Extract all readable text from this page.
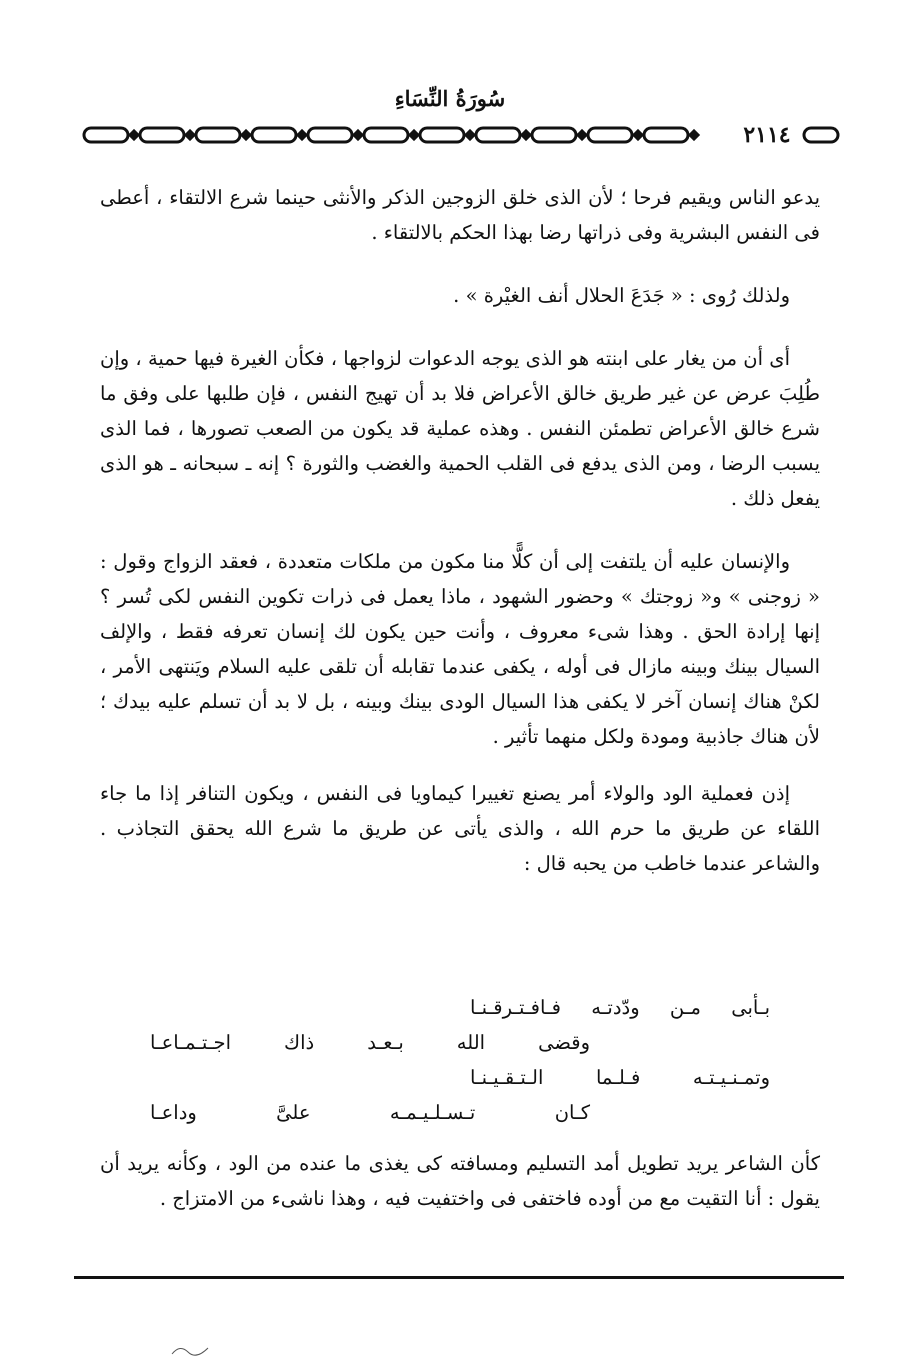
سُورَةُ النِّسَاءِ
٢١١٤

يدعو الناس ويقيم فرحا ؛ لأن الذى خلق الزوجين الذكر والأنثى حينما شرع الالتقاء ، أعطى فى النفس البشرية وفى ذراتها رضا بهذا الحكم بالالتقاء .

ولذلك رُوى : « جَدَعَ الحلال أنف الغيْرة » .

أى أن من يغار على ابنته هو الذى يوجه الدعوات لزواجها ، فكأن الغيرة فيها حمية ، وإن طُلِبَ عرض عن غير طريق خالق الأعراض فلا بد أن تهيج النفس ، فإن طلبها على وفق ما شرع خالق الأعراض تطمئن النفس . وهذه عملية قد يكون من الصعب تصورها ، فما الذى يسبب الرضا ، ومن الذى يدفع فى القلب الحمية والغضب والثورة ؟ إنه ـ سبحانه ـ هو الذى يفعل ذلك .

والإنسان عليه أن يلتفت إلى أن كلًّا منا مكون من ملكات متعددة ، فعقد الزواج وقول : « زوجنى » و« زوجتك » وحضور الشهود ، ماذا يعمل فى ذرات تكوين النفس لكى تُسر ؟ إنها إرادة الحق . وهذا شىء معروف ، وأنت حين يكون لك إنسان تعرفه فقط ، والإلف السيال بينك وبينه مازال فى أوله ، يكفى عندما تقابله أن تلقى عليه السلام ويَنتهى الأمر ، لكنْ هناك إنسان آخر لا يكفى هذا السيال الودى بينك وبينه ، بل لا بد أن تسلم عليه بيدك ؛ لأن هناك جاذبية ومودة ولكل منهما تأثير .

إذن فعملية الود والولاء أمر يصنع تغييرا كيماويا فى النفس ، ويكون التنافر إذا ما جاء اللقاء عن طريق ما حرم الله ، والذى يأتى عن طريق ما شرع الله يحقق التجاذب . والشاعر عندما خاطب من يحبه قال :

بـأبى مـن ودّدتـه فـافـتـرقـنـا
وقضى الله بـعـد ذاك اجـتـمـاعـا
وتمـنـيـتـه فـلـما الـتـقـيـنـا
كـان تـسـلـيـمـه علىَّ وداعـا

كأن الشاعر يريد تطويل أمد التسليم ومسافته كى يغذى ما عنده من الود ، وكأنه يريد أن يقول : أنا التقيت مع من أوده فاختفى فى واختفيت فيه ، وهذا ناشىء من الامتزاج .
